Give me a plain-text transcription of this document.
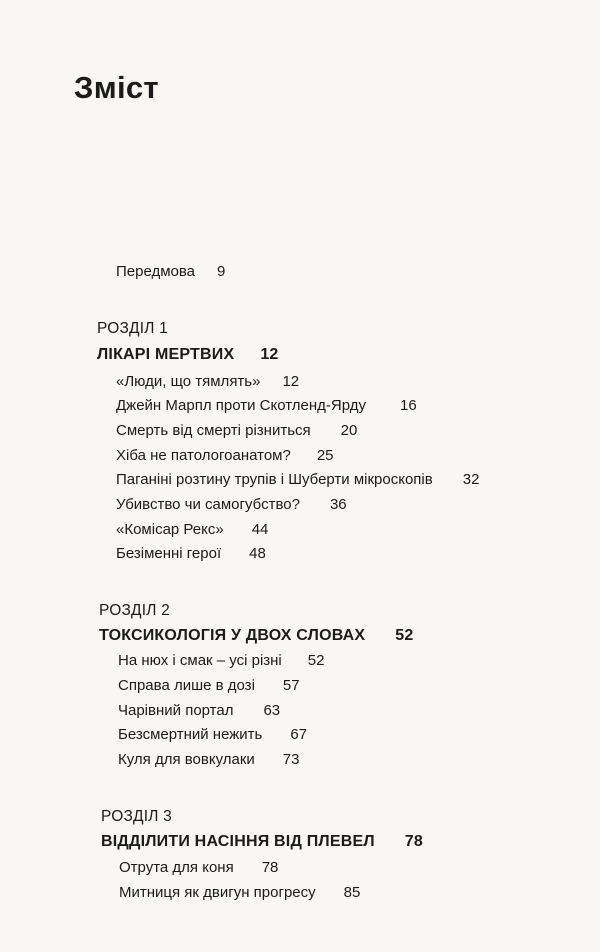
Зміст
Передмова 9
РОЗДІЛ 1
ЛІКАРІ МЕРТВИХ 12
«Люди, що тямлять» 12
Джейн Марпл проти Скотленд-Ярду 16
Смерть від смерті різниться 20
Хіба не патологоанатом? 25
Паганіні розтину трупів і Шуберти мікроскопів 32
Убивство чи самогубство? 36
«Комісар Рекс» 44
Безіменні герої 48
РОЗДІЛ 2
ТОКСИКОЛОГІЯ У ДВОХ СЛОВАХ 52
На нюх і смак – усі різні 52
Справа лише в дозі 57
Чарівний портал 63
Безсмертний нежить 67
Куля для вовкулаки 73
РОЗДІЛ 3
ВІДДІЛИТИ НАСІННЯ ВІД ПЛЕВЕЛ 78
Отрута для коня 78
Митниця як двигун прогресу 85
